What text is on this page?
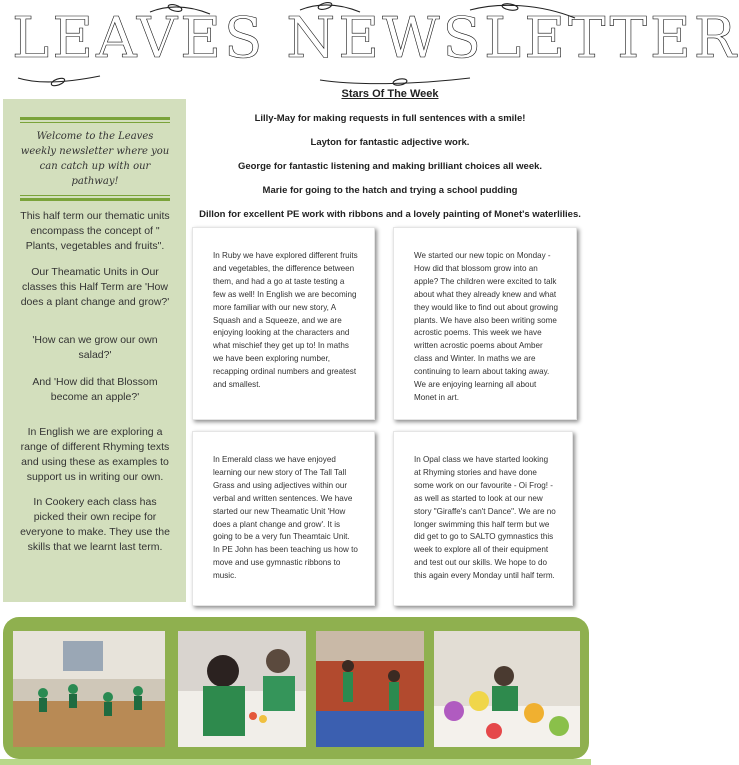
LEAVES NEWSLETTER

Welcome to the Leaves weekly newsletter where you can catch up with our pathway!

This half term our thematic units encompass the concept of " Plants, vegetables and fruits".
Our Theamatic Units in Our classes this Half Term are 'How does a plant change and grow?'
'How can we grow our own salad?'
And 'How did that Blossom become an apple?'
In English we are exploring a range of different Rhyming texts and using these as examples to support us in writing our own.
In Cookery each class has picked their own recipe for everyone to make. They use the skills that we learnt last term.

Stars Of The Week

Lilly-May for making requests in full sentences with a smile!

Layton for fantastic adjective work.

George for fantastic listening and making brilliant choices all week.

Marie for going to the hatch and trying a school pudding

Dillon for excellent PE work with ribbons and a lovely painting of Monet's waterlilies.

In Ruby we have explored different fruits and vegetables, the difference between them, and had a go at taste testing a few as well! In English we are becoming more familiar with our new story, A Squash and a Squeeze, and we are enjoying looking at the characters and what mischief they get up to! In maths we have been exploring number, recapping ordinal numbers and greatest and smallest.
We started our new topic on Monday - How did that blossom grow into an apple? The children were excited to talk about what they already knew and what they would like to find out about growing plants. We have also been writing some acrostic poems. This week we have written acrostic poems about Amber class and Winter. In maths we are continuing to learn about taking away. We are enjoying learning all about Monet in art.
In Emerald class we have enjoyed learning our new story of The Tall Tall Grass and using adjectives within our verbal and written sentences. We have started our new Theamatic Unit 'How does a plant change and grow'. It is going to be a very fun Theamtaic Unit. In PE John has been teaching us how to move and use gymnastic ribbons to music.
In Opal class we have started looking at Rhyming stories and have done some work on our favourite - Oi Frog! - as well as started to look at our new story "Giraffe's can't Dance". We are no longer swimming this half term but we did get to go to SALTO gymnastics this week to explore all of their equipment and test out our skills. We hope to do this again every Monday until half term.
